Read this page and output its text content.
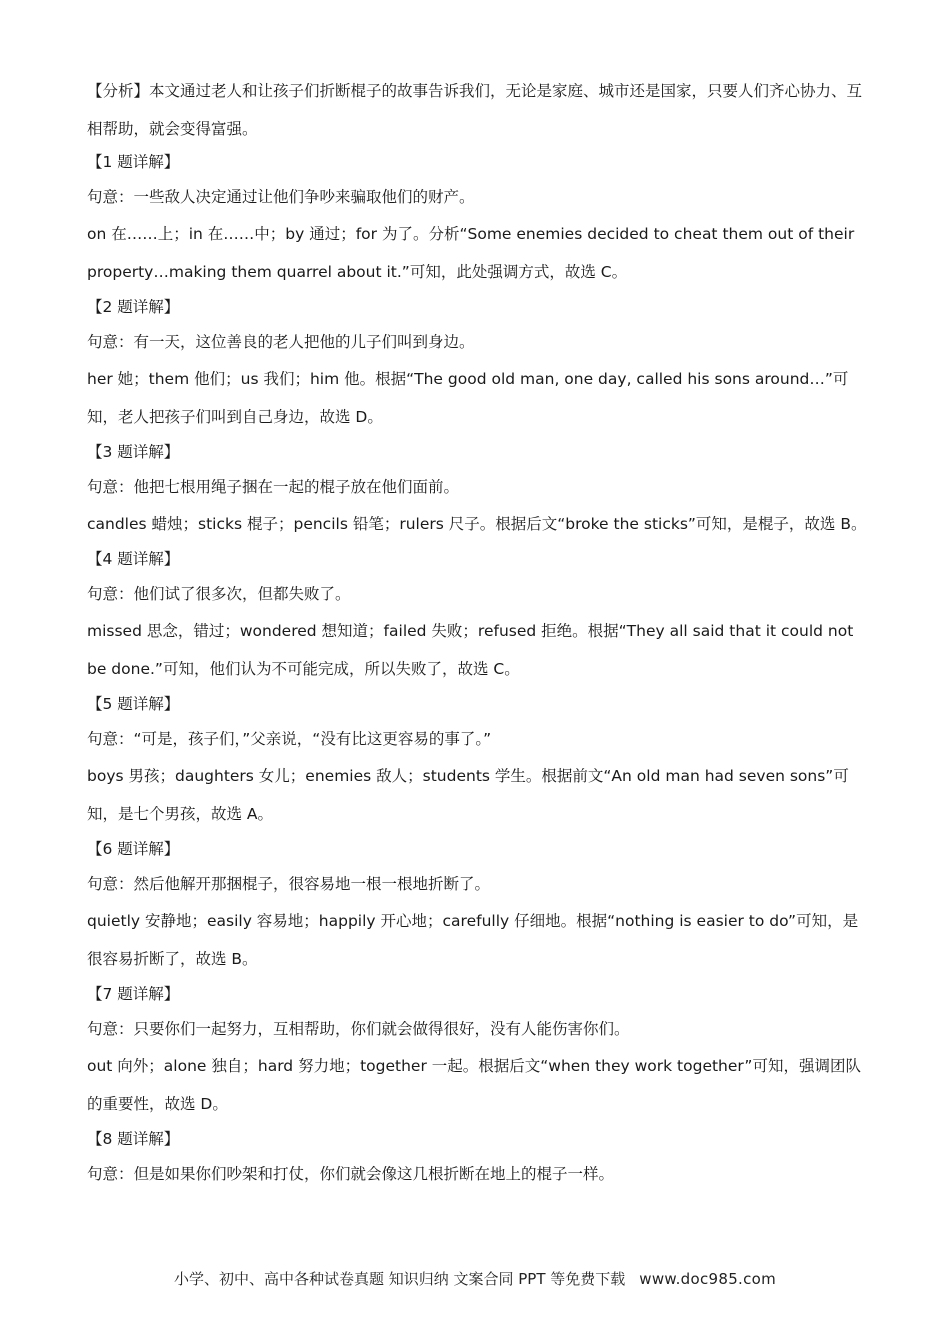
【分析】本文通过老人和让孩子们折断棍子的故事告诉我们，无论是家庭、城市还是国家，只要人们齐心协力、互相帮助，就会变得富强。

【1 题详解】

句意：一些敌人决定通过让他们争吵来骗取他们的财产。

on 在……上；in 在……中；by 通过；for 为了。分析“Some enemies decided to cheat them out of their property…making them quarrel about it.”可知，此处强调方式，故选 C。

【2 题详解】

句意：有一天，这位善良的老人把他的儿子们叫到身边。

her 她；them 他们；us 我们；him 他。根据“The good old man, one day, called his sons around…”可知，老人把孩子们叫到自己身边，故选 D。

【3 题详解】

句意：他把七根用绳子捆在一起的棍子放在他们面前。

candles 蜡烛；sticks 棍子；pencils 铅笔；rulers 尺子。根据后文“broke the sticks”可知，是棍子，故选 B。

【4 题详解】

句意：他们试了很多次，但都失败了。

missed 思念，错过；wondered 想知道；failed 失败；refused 拒绝。根据“They all said that it could not be done.”可知，他们认为不可能完成，所以失败了，故选 C。

【5 题详解】

句意：“可是，孩子们，”父亲说，“没有比这更容易的事了。”

boys 男孩；daughters 女儿；enemies 敌人；students 学生。根据前文“An old man had seven sons”可知，是七个男孩，故选 A。

【6 题详解】

句意：然后他解开那捆棍子，很容易地一根一根地折断了。

quietly 安静地；easily 容易地；happily 开心地；carefully 仔细地。根据“nothing is easier to do”可知，是很容易折断了，故选 B。

【7 题详解】

句意：只要你们一起努力，互相帮助，你们就会做得很好，没有人能伤害你们。

out 向外；alone 独自；hard 努力地；together 一起。根据后文“when they work together”可知，强调团队的重要性，故选 D。

【8 题详解】

句意：但是如果你们吵架和打仗，你们就会像这几根折断在地上的棍子一样。

小学、初中、高中各种试卷真题 知识归纳 文案合同 PPT 等免费下载 www.doc985.com
